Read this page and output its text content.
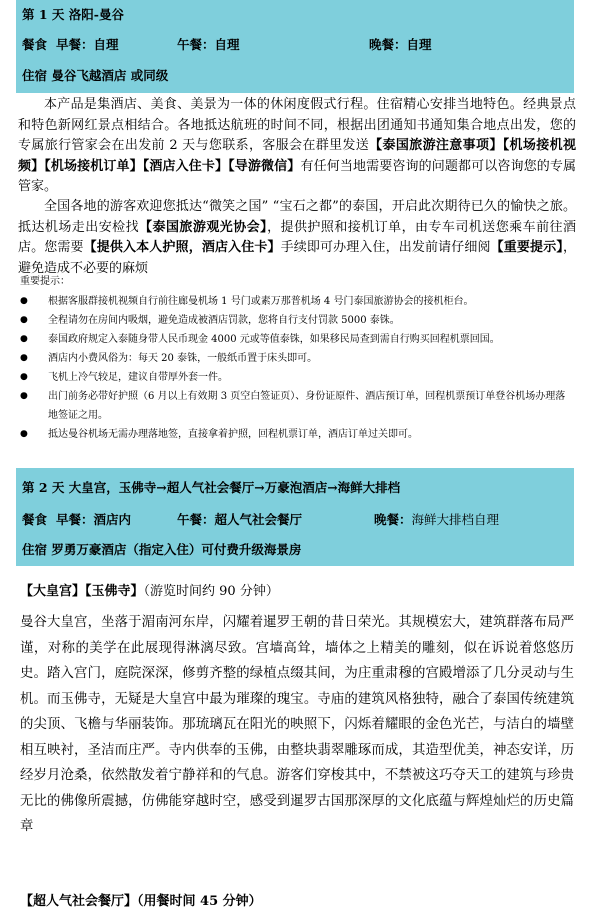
第 1 天 洛阳-曼谷
餐食 早餐：自理	午餐：自理	晚餐：自理
住宿 曼谷飞越酒店 或同级

本产品是集酒店、美食、美景为一体的休闲度假式行程。住宿精心安排当地特色。经典景点和特色新网红景点相结合。各地抵达航班的时间不同，根据出团通知书通知集合地点出发，您的专属旅行管家会在出发前 2 天与您联系，客服会在群里发送【泰国旅游注意事项】【机场接机视频】【机场接机订单】【酒店入住卡】【导游微信】有任何当地需要咨询的问题都可以咨询您的专属管家。

全国各地的游客欢迎您抵达“微笑之国” “宝石之都”的泰国，开启此次期待已久的愉快之旅。抵达机场走出安检找【泰国旅游观光协会】，提供护照和接机订单，由专车司机送您乘车前往酒店。您需要【提供入本人护照，酒店入住卡】手续即可办理入住，出发前请仔细阅【重要提示】，避免造成不必要的麻烦

重要提示：
● 根据客服群接机视频自行前往廊曼机场 1 号门或素万那普机场 4 号门泰国旅游协会的接机柜台。
● 全程请勿在房间内吸烟，避免造成被酒店罚款，您将自行支付罚款 5000 泰铢。
● 泰国政府规定入泰随身带人民币现金 4000 元或等值泰铢，如果移民局查到需自行购买回程机票回国。
● 酒店内小费风俗为：每天 20 泰铢，一般纸币置于床头即可。
● 飞机上冷气较足，建议自带厚外套一件。
● 出门前务必带好护照（6 月以上有效期 3 页空白签证页）、身份证原件、酒店预订单，回程机票预订单登谷机场办理落地签证之用。
● 抵达曼谷机场无需办理落地签，直接拿着护照，回程机票订单，酒店订单过关即可。
第 2 天 大皇宫，玉佛寺→超人气社会餐厅→万豪泡酒店→海鲜大排档
餐食 早餐：酒店内	午餐：超人气社会餐厅	晚餐：海鲜大排档自理
住宿 罗勇万豪酒店（指定入住）可付费升级海景房
【大皇宫】【玉佛寺】（游览时间约 90 分钟）

曼谷大皇宫，坐落于湄南河东岸，闪耀着暹罗王朝的昔日荣光。其规模宏大，建筑群落布局严谨，对称的美学在此展现得淋漓尽致。宫墙高耸，墙体之上精美的雕刻，似在诉说着悠悠历史。踏入宫门，庭院深深，修剪齐整的绿植点缀其间，为庄重肃穆的宫殿增添了几分灵动与生机。而玉佛寺，无疑是大皇宫中最为璀璨的瑰宝。寺庙的建筑风格独特，融合了泰国传统建筑的尖顶、飞檐与华丽装饰。那琉璃瓦在阳光的映照下，闪烁着耀眼的金色光芒，与洁白的墙壁相互映衬，圣洁而庄严。寺内供奉的玉佛，由整块翡翠雕琢而成，其造型优美，神态安详，历经岁月沧桑，依然散发着宁静祥和的气息。游客们穿梭其中，不禁被这巧夺天工的建筑与珍贵无比的佛像所震撼，仿佛能穿越时空，感受到暹罗古国那深厚的文化底蕴与辉煌灿烂的历史篇章

【超人气社会餐厅】（用餐时间 45 分钟）
